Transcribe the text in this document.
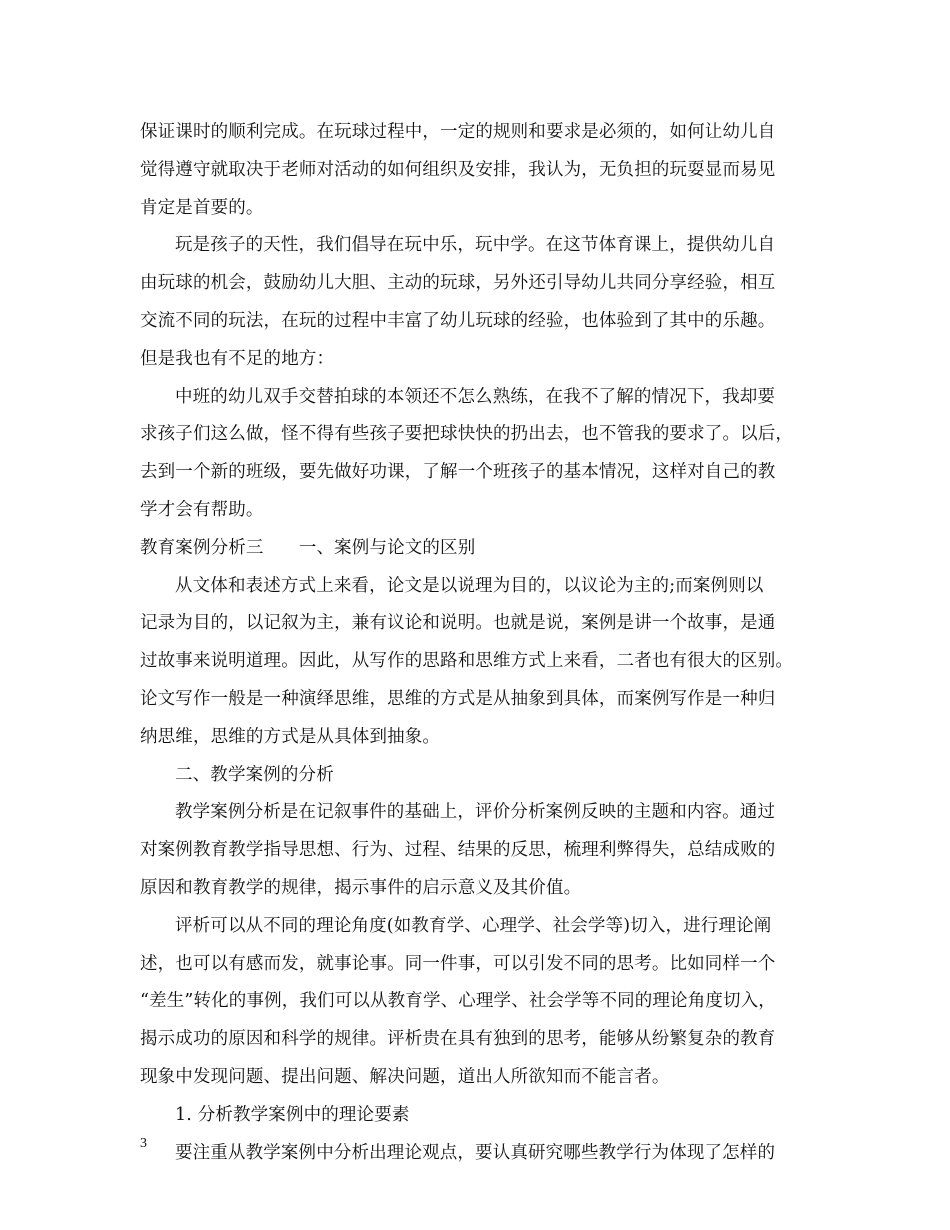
保证课时的顺利完成。在玩球过程中，一定的规则和要求是必须的，如何让幼儿自
觉得遵守就取决于老师对活动的如何组织及安排，我认为，无负担的玩耍显而易见
肯定是首要的。
玩是孩子的天性，我们倡导在玩中乐，玩中学。在这节体育课上，提供幼儿自
由玩球的机会，鼓励幼儿大胆、主动的玩球，另外还引导幼儿共同分享经验，相互
交流不同的玩法，在玩的过程中丰富了幼儿玩球的经验，也体验到了其中的乐趣。
但是我也有不足的地方：
中班的幼儿双手交替拍球的本领还不怎么熟练，在我不了解的情况下，我却要
求孩子们这么做，怪不得有些孩子要把球快快的扔出去，也不管我的要求了。以后，
去到一个新的班级，要先做好功课，了解一个班孩子的基本情况，这样对自己的教
学才会有帮助。
教育案例分析三　　一、案例与论文的区别
从文体和表述方式上来看，论文是以说理为目的，以议论为主的;而案例则以
记录为目的，以记叙为主，兼有议论和说明。也就是说，案例是讲一个故事，是通
过故事来说明道理。因此，从写作的思路和思维方式上来看，二者也有很大的区别。
论文写作一般是一种演绎思维，思维的方式是从抽象到具体，而案例写作是一种归
纳思维，思维的方式是从具体到抽象。
二、教学案例的分析
教学案例分析是在记叙事件的基础上，评价分析案例反映的主题和内容。通过
对案例教育教学指导思想、行为、过程、结果的反思，梳理利弊得失，总结成败的
原因和教育教学的规律，揭示事件的启示意义及其价值。
评析可以从不同的理论角度(如教育学、心理学、社会学等)切入，进行理论阐
述，也可以有感而发，就事论事。同一件事，可以引发不同的思考。比如同样一个
“差生”转化的事例，我们可以从教育学、心理学、社会学等不同的理论角度切入，
揭示成功的原因和科学的规律。评析贵在具有独到的思考，能够从纷繁复杂的教育
现象中发现问题、提出问题、解决问题，道出人所欲知而不能言者。
1. 分析教学案例中的理论要素
要注重从教学案例中分析出理论观点，要认真研究哪些教学行为体现了怎样的
3
